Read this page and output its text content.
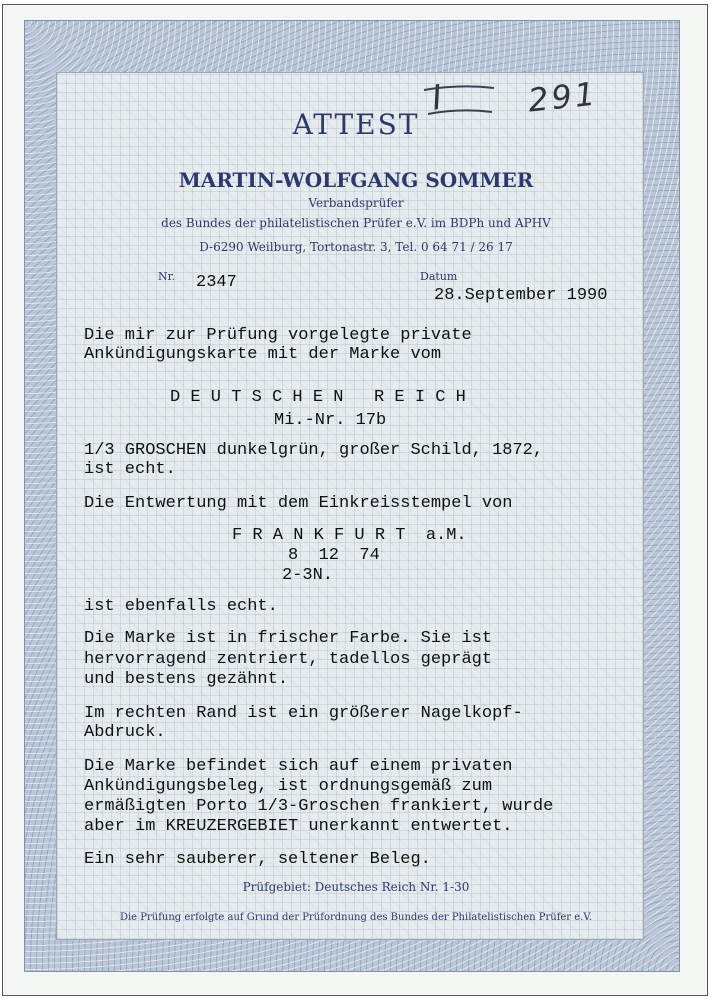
I 291
ATTEST
MARTIN-WOLFGANG SOMMER
Verbandsprüfer
des Bundes der philatelistischen Prüfer e.V. im BDPh und APHV
D-6290 Weilburg, Tortonastr. 3, Tel. 0 64 71 / 26 17
Nr. 2347	Datum
28.September 1990
Die mir zur Prüfung vorgelegte private
Ankündigungskarte mit der Marke vom
D E U T S C H E N   R E I C H
Mi.-Nr. 17b
1/3 GROSCHEN dunkelgrün, großer Schild, 1872,
ist echt.
Die Entwertung mit dem Einkreisstempel von
F R A N K F U R T  a.M.
8  12  74
2-3N.
ist ebenfalls echt.
Die Marke ist in frischer Farbe. Sie ist
hervorragend zentriert, tadellos geprägt
und bestens gezähnt.
Im rechten Rand ist ein größerer Nagelkopf-
Abdruck.
Die Marke befindet sich auf einem privaten
Ankündigungsbeleg, ist ordnungsgemäß zum
ermäßigten Porto 1/3-Groschen frankiert, wurde
aber im KREUZERGEBIET unerkannt entwertet.
Ein sehr sauberer, seltener Beleg.
Prüfgebiet: Deutsches Reich Nr. 1-30
Die Prüfung erfolgte auf Grund der Prüfordnung des Bundes der Philatelistischen Prüfer e.V.
